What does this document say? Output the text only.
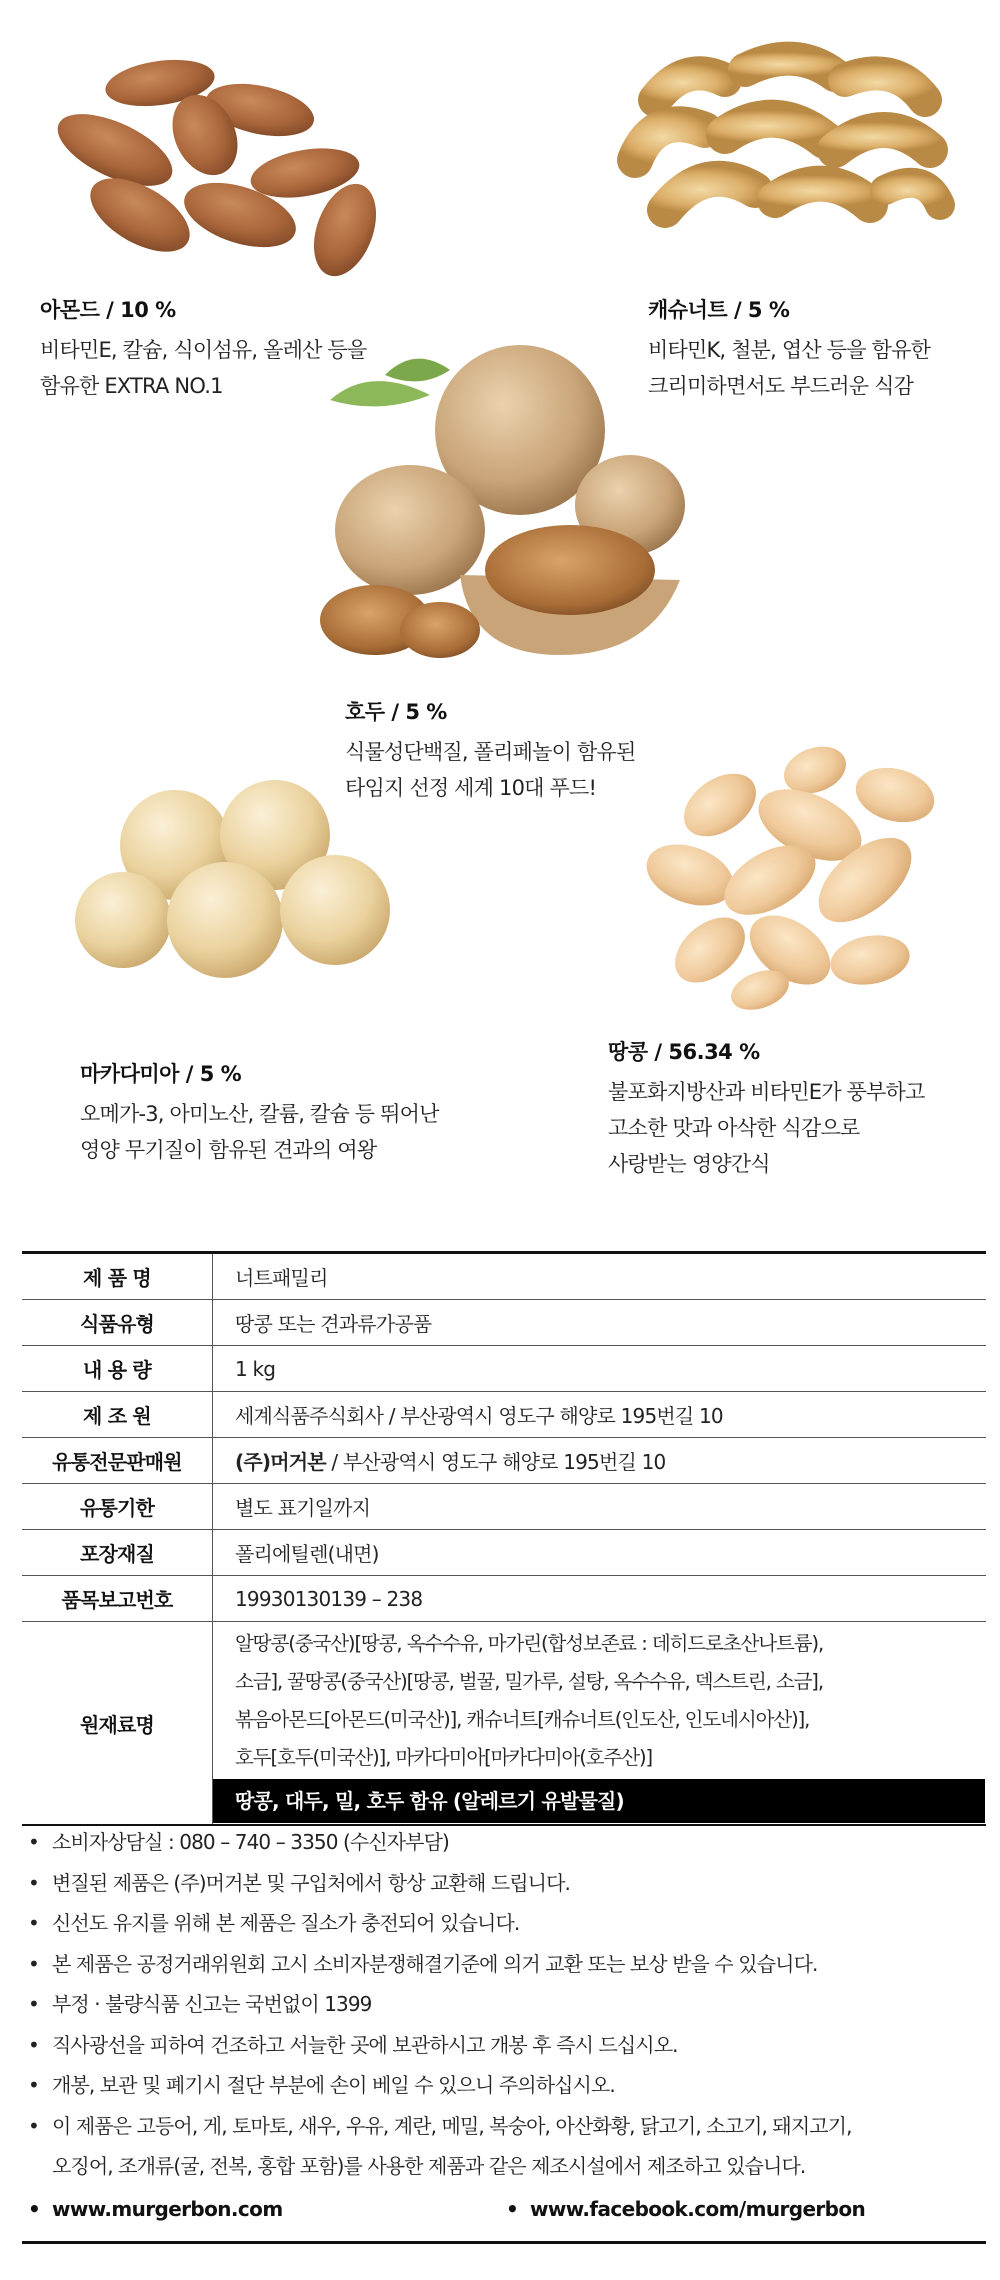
아몬드 / 10 %
비타민E, 칼슘, 식이섬유, 올레산 등을
함유한 EXTRA NO.1
캐슈너트 / 5 %
비타민K, 철분, 엽산 등을 함유한
크리미하면서도 부드러운 식감
호두 / 5 %
식물성단백질, 폴리페놀이 함유된
타임지 선정 세계 10대 푸드!
마카다미아 / 5 %
오메가-3, 아미노산, 칼륨, 칼슘 등 뛰어난
영양 무기질이 함유된 견과의 여왕
땅콩 / 56.34 %
불포화지방산과 비타민E가 풍부하고
고소한 맛과 아삭한 식감으로
사랑받는 영양간식
제 품 명	너트패밀리
식품유형	땅콩 또는 견과류가공품
내 용 량	1 kg
제 조 원	세계식품주식회사 / 부산광역시 영도구 해양로 195번길 10
유통전문판매원	(주)머거본 / 부산광역시 영도구 해양로 195번길 10
유통기한	별도 표기일까지
포장재질	폴리에틸렌(내면)
품목보고번호	19930130139 – 238
원재료명	알땅콩(중국산)[땅콩, 옥수수유, 마가린(합성보존료 : 데히드로초산나트륨),
소금], 꿀땅콩(중국산)[땅콩, 벌꿀, 밀가루, 설탕, 옥수수유, 덱스트린, 소금],
볶음아몬드[아몬드(미국산)], 캐슈너트[캐슈너트(인도산, 인도네시아산)],
호두[호두(미국산)], 마카다미아[마카다미아(호주산)]
땅콩, 대두, 밀, 호두 함유 (알레르기 유발물질)
• 소비자상담실 : 080 – 740 – 3350 (수신자부담)
• 변질된 제품은 (주)머거본 및 구입처에서 항상 교환해 드립니다.
• 신선도 유지를 위해 본 제품은 질소가 충전되어 있습니다.
• 본 제품은 공정거래위원회 고시 소비자분쟁해결기준에 의거 교환 또는 보상 받을 수 있습니다.
• 부정 · 불량식품 신고는 국번없이 1399
• 직사광선을 피하여 건조하고 서늘한 곳에 보관하시고 개봉 후 즉시 드십시오.
• 개봉, 보관 및 폐기시 절단 부분에 손이 베일 수 있으니 주의하십시오.
• 이 제품은 고등어, 게, 토마토, 새우, 우유, 계란, 메밀, 복숭아, 아산화황, 닭고기, 소고기, 돼지고기,
오징어, 조개류(굴, 전복, 홍합 포함)를 사용한 제품과 같은 제조시설에서 제조하고 있습니다.
• www.murgerbon.com	• www.facebook.com/murgerbon
